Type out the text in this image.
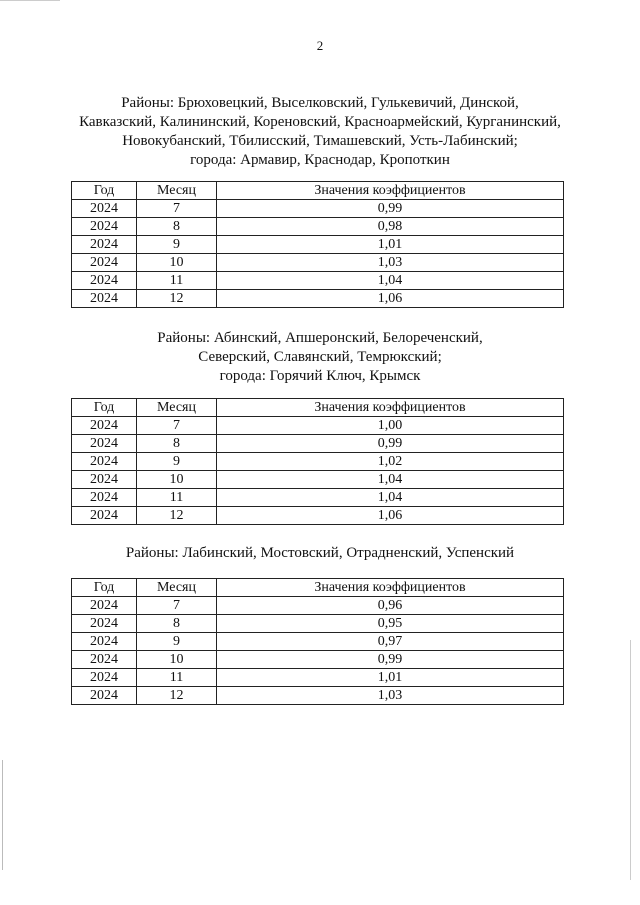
2
Районы: Брюховецкий, Выселковский, Гулькевичий, Динской,
Кавказский, Калининский, Кореновский, Красноармейский, Курганинский,
Новокубанский, Тбилисский, Тимашевский, Усть-Лабинский;
города: Армавир, Краснодар, Кропоткин
Год	Месяц	Значения коэффициентов
2024	7	0,99
2024	8	0,98
2024	9	1,01
2024	10	1,03
2024	11	1,04
2024	12	1,06
Районы: Абинский, Апшеронский, Белореченский,
Северский, Славянский, Темрюкский;
города: Горячий Ключ, Крымск
Год	Месяц	Значения коэффициентов
2024	7	1,00
2024	8	0,99
2024	9	1,02
2024	10	1,04
2024	11	1,04
2024	12	1,06
Районы: Лабинский, Мостовский, Отрадненский, Успенский
Год	Месяц	Значения коэффициентов
2024	7	0,96
2024	8	0,95
2024	9	0,97
2024	10	0,99
2024	11	1,01
2024	12	1,03
